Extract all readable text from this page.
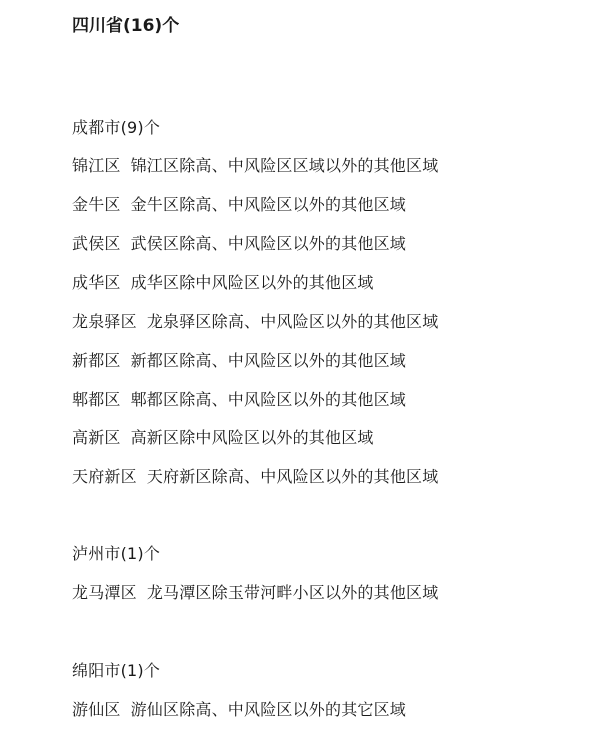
四川省(16)个
成都市(9)个
锦江区 锦江区除高、中风险区区域以外的其他区域
金牛区 金牛区除高、中风险区以外的其他区域
武侯区 武侯区除高、中风险区以外的其他区域
成华区 成华区除中风险区以外的其他区域
龙泉驿区 龙泉驿区除高、中风险区以外的其他区域
新都区 新都区除高、中风险区以外的其他区域
郫都区 郫都区除高、中风险区以外的其他区域
高新区 高新区除中风险区以外的其他区域
天府新区 天府新区除高、中风险区以外的其他区域
泸州市(1)个
龙马潭区 龙马潭区除玉带河畔小区以外的其他区域
绵阳市(1)个
游仙区 游仙区除高、中风险区以外的其它区域
